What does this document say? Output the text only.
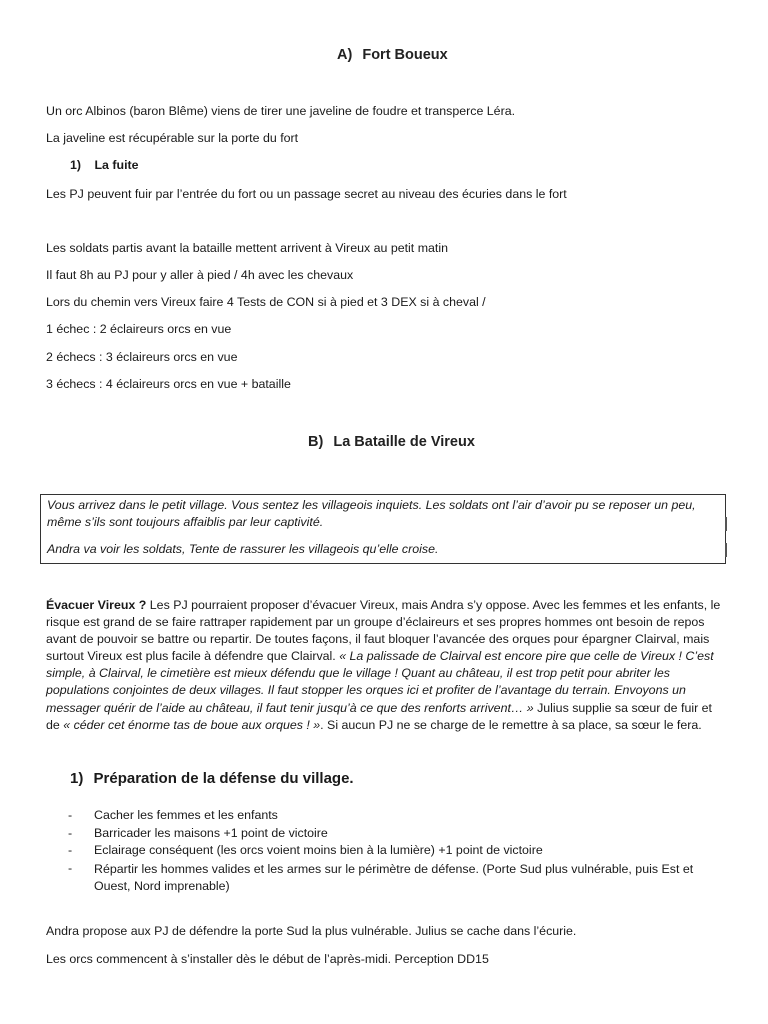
A) Fort Boueux
Un orc Albinos (baron Blême) viens de tirer une javeline de foudre et transperce Léra.
La javeline est récupérable sur la porte du fort
1) La fuite
Les PJ peuvent fuir par l’entrée du fort ou un passage secret au niveau des écuries dans le fort
Les soldats partis avant la bataille mettent arrivent à Vireux au petit matin
Il faut 8h au PJ pour y aller à pied / 4h avec les chevaux
Lors du chemin vers Vireux faire 4 Tests de CON si à pied et 3 DEX si à cheval /
1 échec : 2 éclaireurs orcs en vue
2 échecs : 3 éclaireurs orcs en vue
3 échecs : 4 éclaireurs orcs en vue + bataille
B) La Bataille de Vireux
Vous arrivez dans le petit village. Vous sentez les villageois inquiets. Les soldats ont l’air d’avoir pu se reposer un peu,
même s’ils sont toujours affaiblis par leur captivité.
Andra va voir les soldats, Tente de rassurer les villageois qu’elle croise.
Évacuer Vireux ? Les PJ pourraient proposer d’évacuer Vireux, mais Andra s’y oppose. Avec les femmes et les enfants, le risque est grand de se faire rattraper rapidement par un groupe d’éclaireurs et ses propres hommes ont besoin de repos avant de pouvoir se battre ou repartir. De toutes façons, il faut bloquer l’avancée des orques pour épargner Clairval, mais surtout Vireux est plus facile à défendre que Clairval. « La palissade de Clairval est encore pire que celle de Vireux ! C’est simple, à Clairval, le cimetière est mieux défendu que le village ! Quant au château, il est trop petit pour abriter les populations conjointes de deux villages. Il faut stopper les orques ici et profiter de l’avantage du terrain. Envoyons un messager quérir de l’aide au château, il faut tenir jusqu’à ce que des renforts arrivent… » Julius supplie sa sœur de fuir et de « céder cet énorme tas de boue aux orques ! ». Si aucun PJ ne se charge de le remettre à sa place, sa sœur le fera.
1) Préparation de la défense du village.
- Cacher les femmes et les enfants
- Barricader les maisons +1 point de victoire
- Eclairage conséquent (les orcs voient moins bien à la lumière) +1 point de victoire
- Répartir les hommes valides et les armes sur le périmètre de défense. (Porte Sud plus vulnérable, puis Est et Ouest, Nord imprenable)
Andra propose aux PJ de défendre la porte Sud la plus vulnérable. Julius se cache dans l’écurie.
Les orcs commencent à s’installer dès le début de l’après-midi. Perception DD15
